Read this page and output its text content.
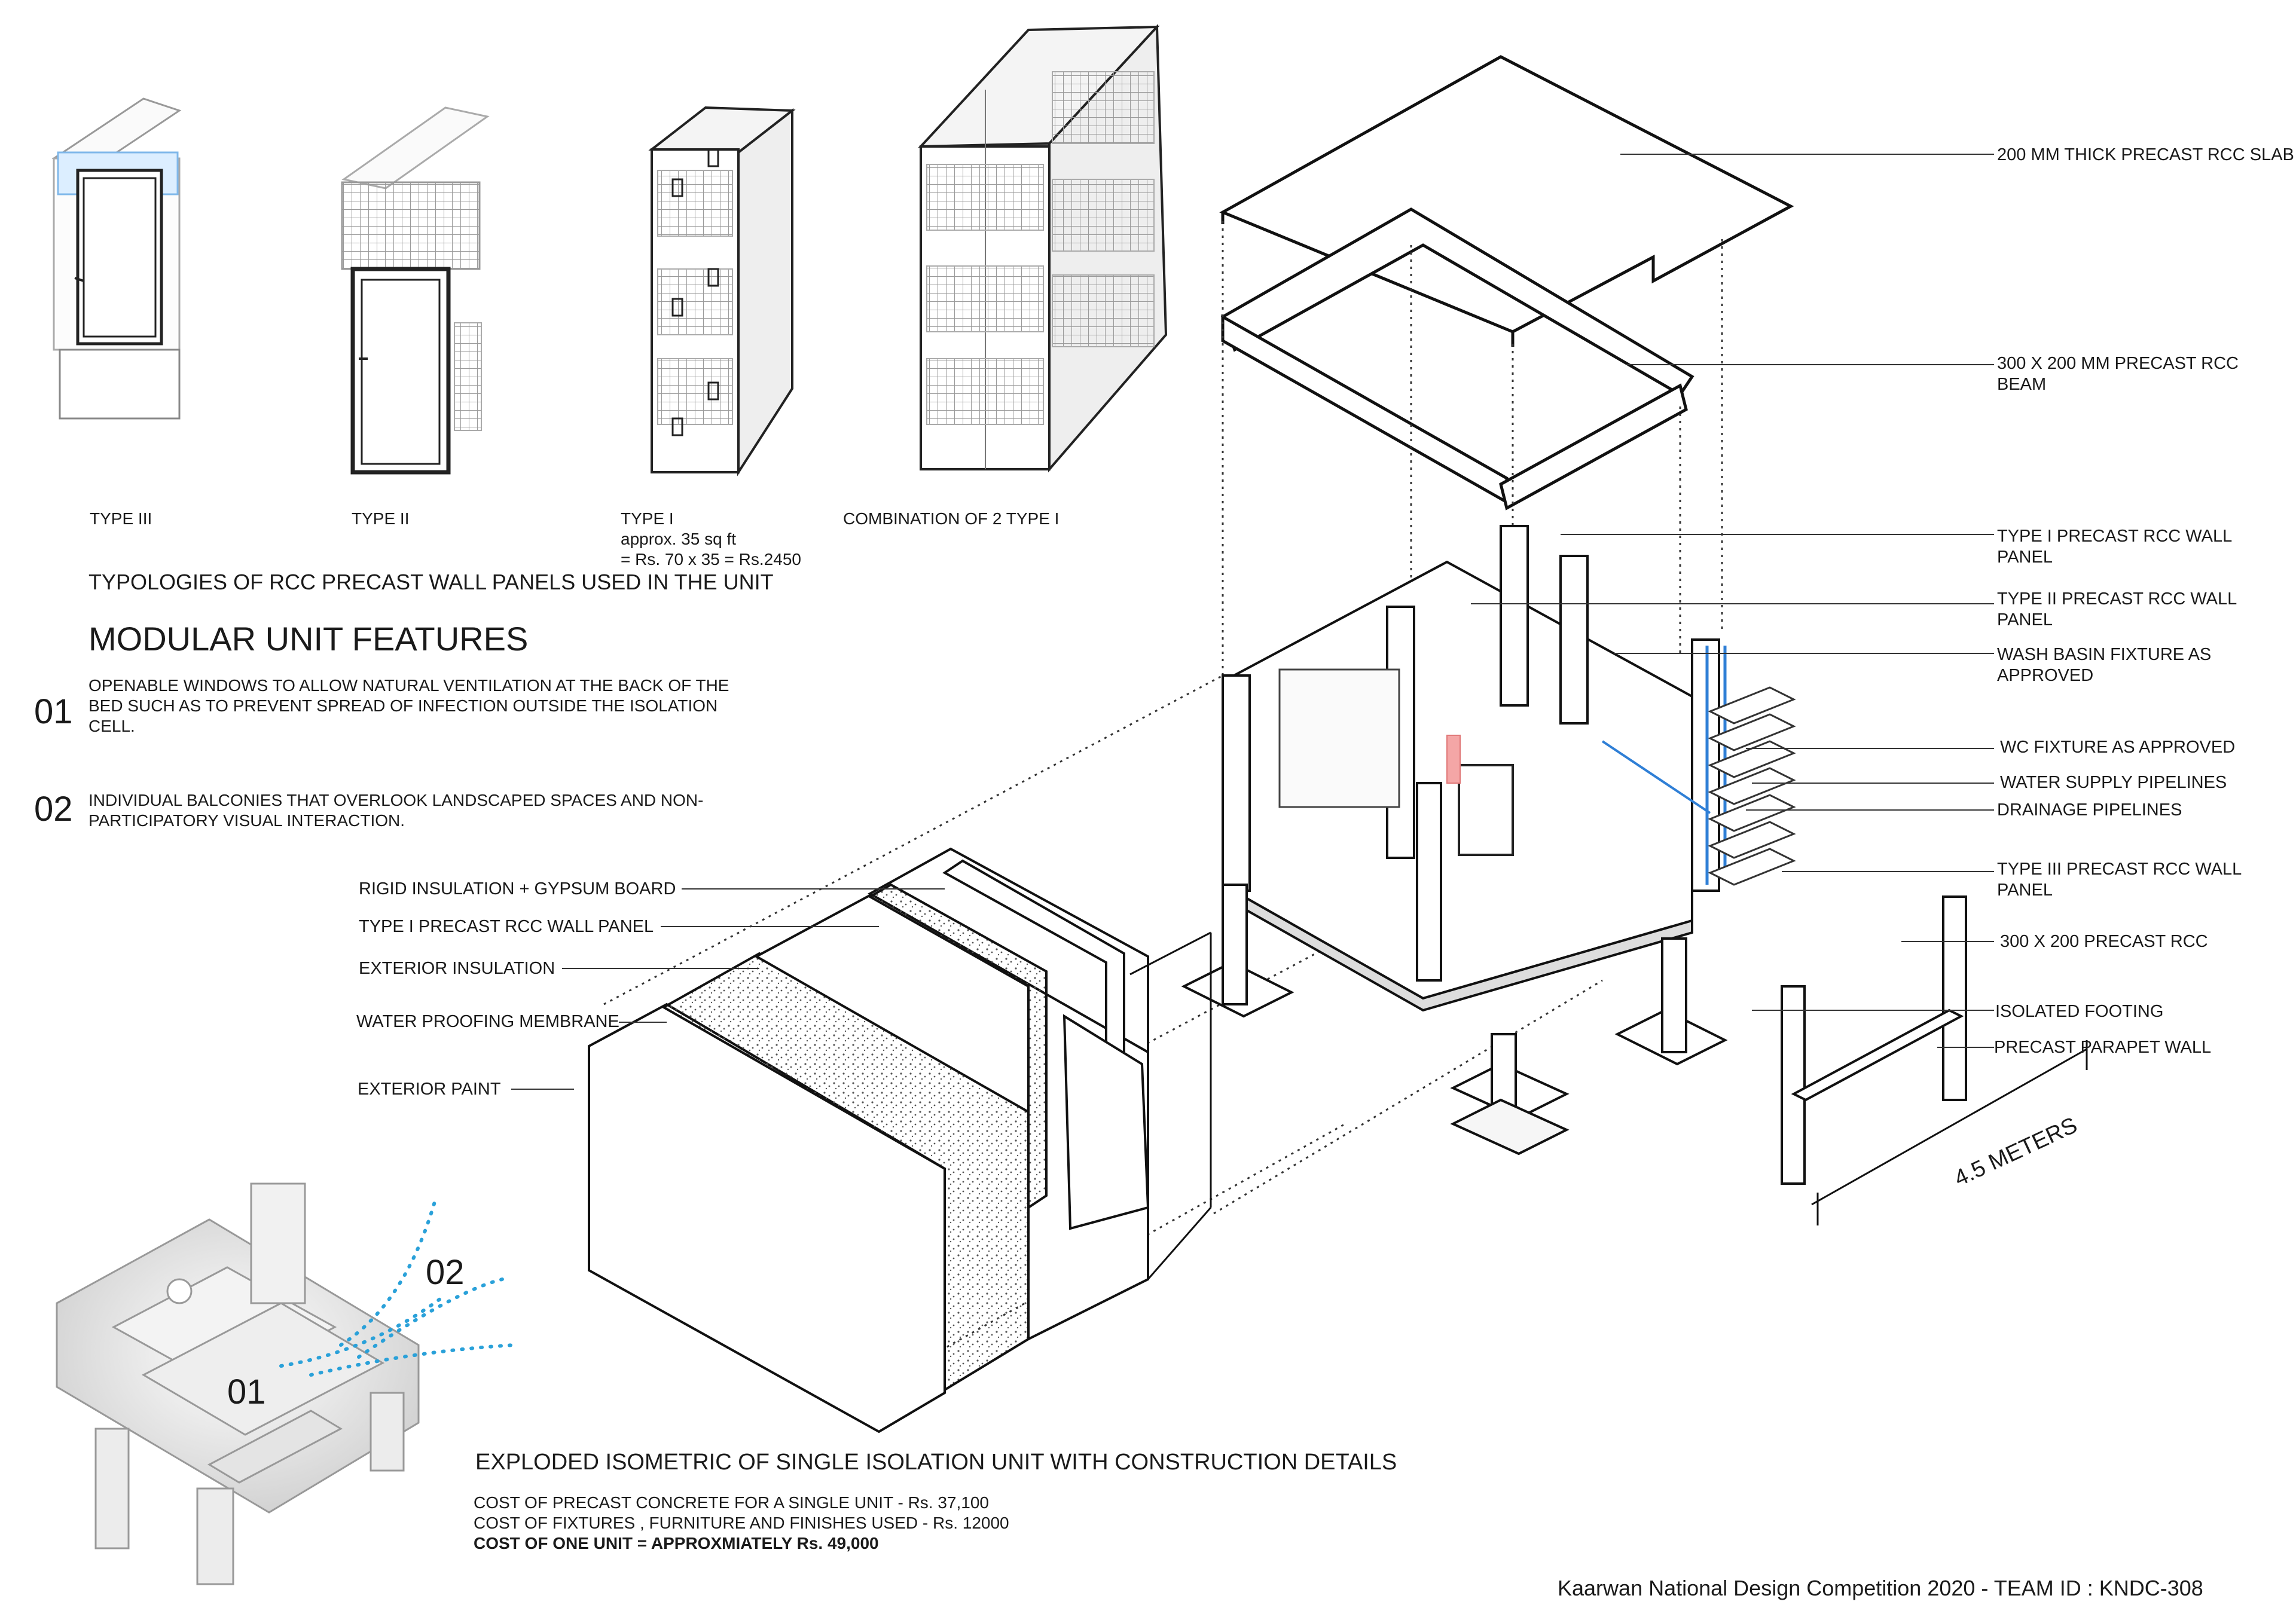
TYPE III	TYPE II	TYPE I
approx. 35 sq ft
= Rs. 70 x 35 = Rs.2450
COMBINATION OF 2 TYPE I
TYPOLOGIES OF RCC PRECAST WALL PANELS USED IN THE UNIT
MODULAR UNIT FEATURES
01
OPENABLE WINDOWS TO ALLOW NATURAL VENTILATION AT THE BACK OF THE BED SUCH AS TO PREVENT SPREAD OF INFECTION OUTSIDE THE ISOLATION CELL.
02 INDIVIDUAL BALCONIES THAT OVERLOOK LANDSCAPED SPACES AND NON-PARTICIPATORY VISUAL INTERACTION.
RIGID INSULATION + GYPSUM BOARD
TYPE I PRECAST RCC WALL PANEL
EXTERIOR INSULATION
WATER PROOFING MEMBRANE
EXTERIOR PAINT
200 MM THICK PRECAST RCC SLAB
300 X 200 MM PRECAST RCC
BEAM
TYPE I PRECAST RCC WALL
PANEL
TYPE II PRECAST RCC WALL
PANEL
WASH BASIN FIXTURE AS
APPROVED
WC FIXTURE AS APPROVED
WATER SUPPLY PIPELINES
DRAINAGE PIPELINES
TYPE III PRECAST RCC WALL
PANEL
300 X 200 PRECAST RCC
ISOLATED FOOTING
PRECAST PARAPET WALL
4.5 METERS
01
02
EXPLODED ISOMETRIC OF SINGLE ISOLATION UNIT WITH CONSTRUCTION DETAILS
COST OF PRECAST CONCRETE FOR A SINGLE UNIT - Rs. 37,100
COST OF FIXTURES , FURNITURE AND FINISHES USED - Rs. 12000
COST OF ONE UNIT = APPROXMIATELY Rs. 49,000
Kaarwan National Design Competition 2020 - TEAM ID : KNDC-308
